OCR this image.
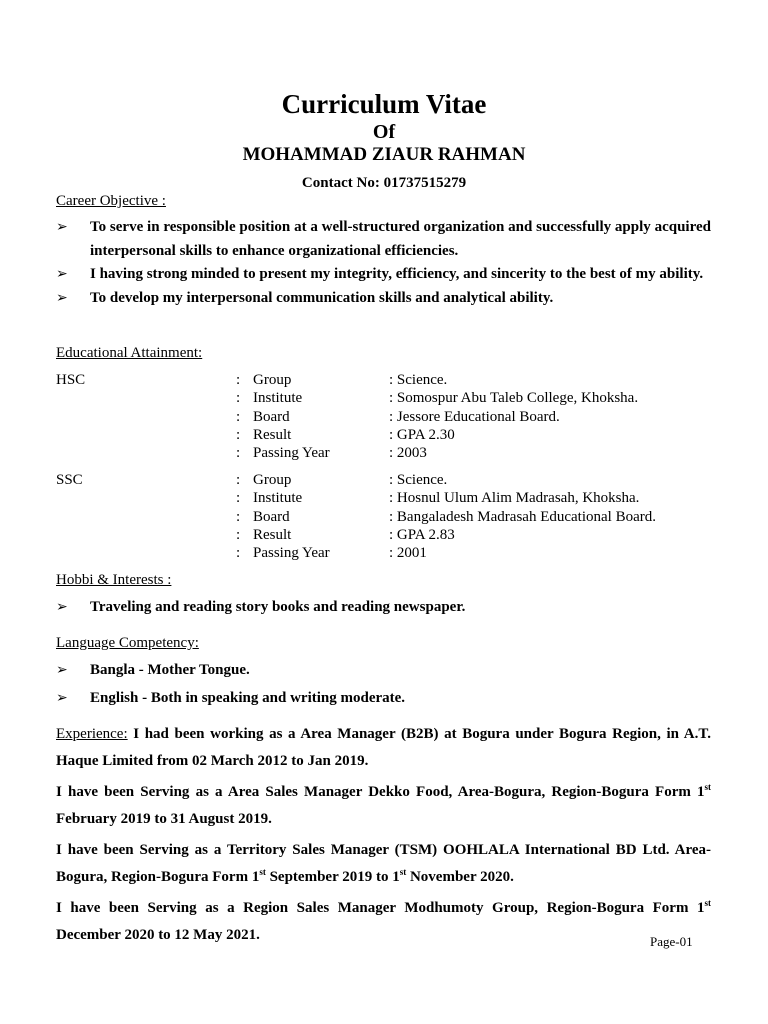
Curriculum Vitae
Of
MOHAMMAD ZIAUR RAHMAN
Contact No: 01737515279
Career Objective :
➢ To serve in responsible position at a well-structured organization and successfully apply acquired interpersonal skills to enhance organizational efficiencies.
➢ I having strong minded to present my integrity, efficiency, and sincerity to the best of my ability.
➢ To develop my interpersonal communication skills and analytical ability.
Educational Attainment:
HSC	: Group	: Science.
: Institute	: Somospur Abu Taleb College, Khoksha.
: Board	: Jessore Educational Board.
: Result	: GPA 2.30
: Passing Year	: 2003
SSC	: Group	: Science.
: Institute	: Hosnul Ulum Alim Madrasah, Khoksha.
: Board	: Bangaladesh Madrasah Educational Board.
: Result	: GPA 2.83
: Passing Year	: 2001
Hobbi & Interests :
➢ Traveling and reading story books and reading newspaper.
Language Competency:
➢ Bangla - Mother Tongue.
➢ English - Both in speaking and writing moderate.

Experience: I had been working as a Area Manager (B2B) at Bogura under Bogura Region, in A.T. Haque Limited from 02 March 2012 to Jan 2019.

I have been Serving as a Area Sales Manager Dekko Food, Area-Bogura, Region-Bogura Form 1st February 2019 to 31 August 2019.

I have been Serving as a Territory Sales Manager (TSM) OOHLALA International BD Ltd. Area-Bogura, Region-Bogura Form 1st September 2019 to 1st November 2020.

I have been Serving as a Region Sales Manager Modhumoty Group, Region-Bogura Form 1st December 2020 to 12 May 2021.	Page-01
